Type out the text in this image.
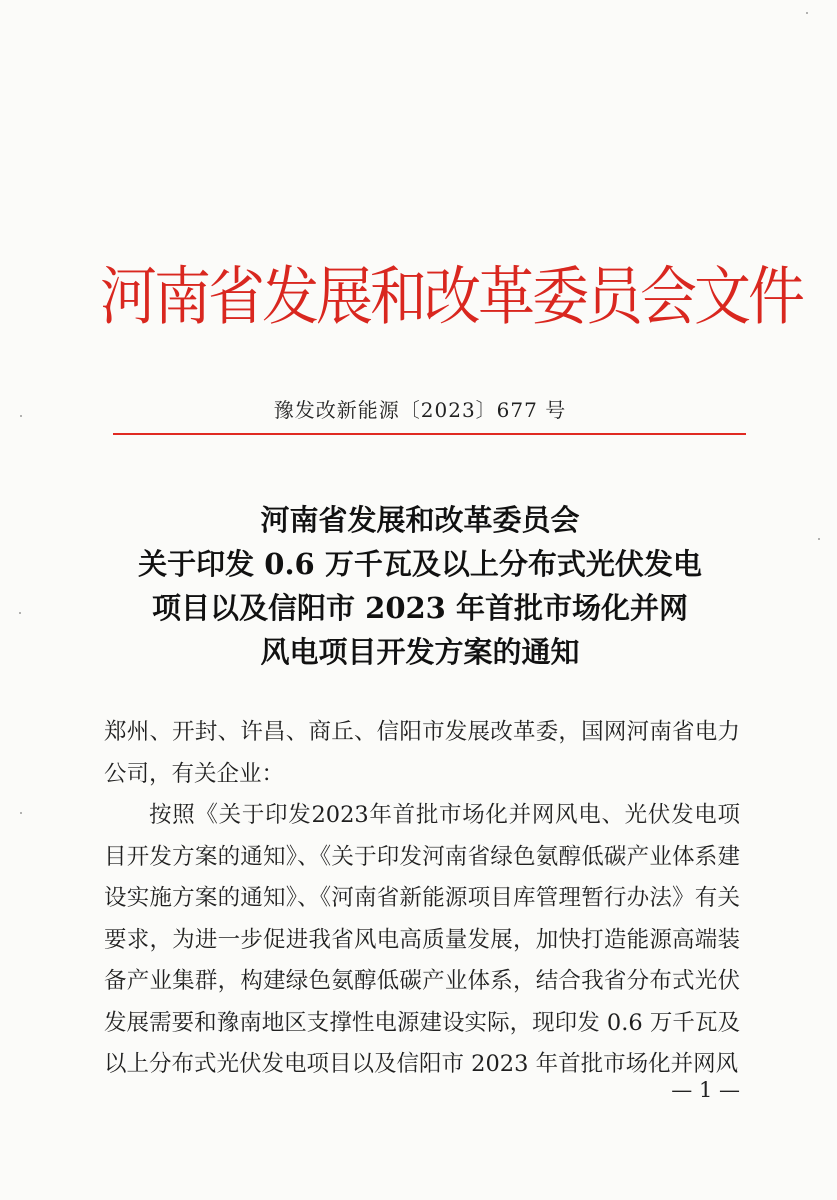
河南省发展和改革委员会文件
豫发改新能源〔2023〕677 号
河南省发展和改革委员会
关于印发 0.6 万千瓦及以上分布式光伏发电
项目以及信阳市 2023 年首批市场化并网
风电项目开发方案的通知

郑州、开封、许昌、商丘、信阳市发展改革委，国网河南省电力公司，有关企业：

按照《关于印发2023年首批市场化并网风电、光伏发电项目开发方案的通知》、《关于印发河南省绿色氨醇低碳产业体系建设实施方案的通知》、《河南省新能源项目库管理暂行办法》有关要求，为进一步促进我省风电高质量发展，加快打造能源高端装备产业集群，构建绿色氨醇低碳产业体系，结合我省分布式光伏发展需要和豫南地区支撑性电源建设实际，现印发 0.6 万千瓦及以上分布式光伏发电项目以及信阳市 2023 年首批市场化并网风

— 1 —
